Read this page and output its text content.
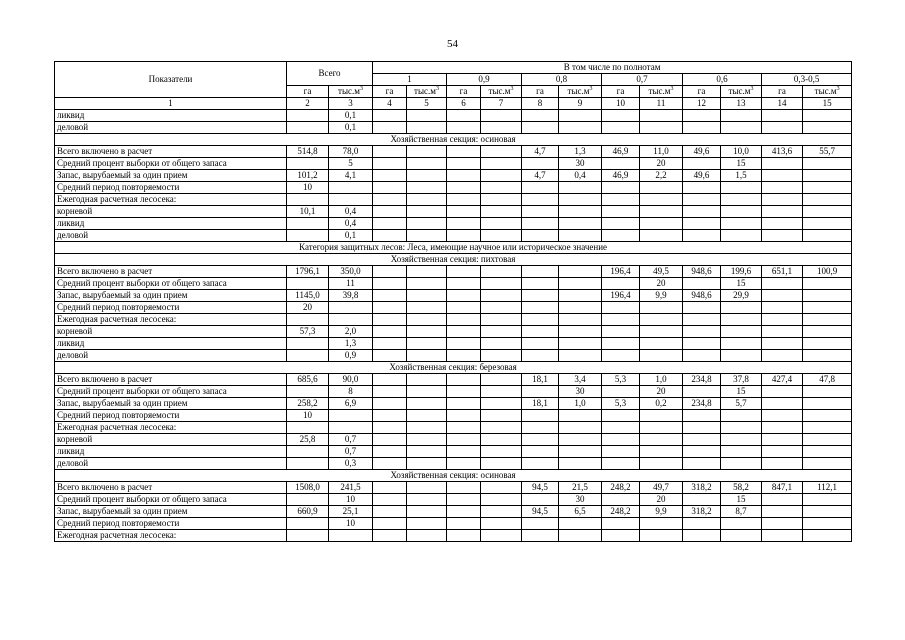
54
Показатели	Всего		В том числе по полнотам											
			1		0,9		0,8		0,7		0,6		0,3-0,5	
	га	$тыс.м^3$	га	$тыс.м^3$	га	$тыс.м^3$	га	$тыс.м^3$	га	$тыс.м^3$	га	$тыс.м^3$	га	$тыс.м^3$
1	2	3	4	5	6	7	8	9	10	11	12	13	14	15
ликвид		0,1												
деловой		0,1												
Хозяйственная секция: осиновая														
Всего включено в расчет	514,8	78,0					4,7	1,3	46,9	11,0	49,6	10,0	413,6	55,7
Средний процент выборки от общего запаса		5						30		20		15		
Запас, вырубаемый за один прием	101,2	4,1					4,7	0,4	46,9	2,2	49,6	1,5		
Средний период повторяемости	10													
Ежегодная расчетная лесосека:														
корневой	10,1	0,4												
ликвид		0,4												
деловой		0,1												
Категория защитных лесов: Леса, имеющие научное или историческое значение														
Хозяйственная секция: пихтовая														
Всего включено в расчет	1796,1	350,0							196,4	49,5	948,6	199,6	651,1	100,9
Средний процент выборки от общего запаса		11								20		15		
Запас, вырубаемый за один прием	1145,0	39,8							196,4	9,9	948,6	29,9		
Средний период повторяемости	20													
Ежегодная расчетная лесосека:														
корневой	57,3	2,0												
ликвид		1,3												
деловой		0,9												
Хозяйственная секция: березовая														
Всего включено в расчет	685,6	90,0					18,1	3,4	5,3	1,0	234,8	37,8	427,4	47,8
Средний процент выборки от общего запаса		8						30		20		15		
Запас, вырубаемый за один прием	258,2	6,9					18,1	1,0	5,3	0,2	234,8	5,7		
Средний период повторяемости	10													
Ежегодная расчетная лесосека:														
корневой	25,8	0,7												
ликвид		0,7												
деловой		0,3												
Хозяйственная секция: осиновая														
Всего включено в расчет	1508,0	241,5					94,5	21,5	248,2	49,7	318,2	58,2	847,1	112,1
Средний процент выборки от общего запаса		10						30		20		15		
Запас, вырубаемый за один прием	660,9	25,1					94,5	6,5	248,2	9,9	318,2	8,7		
Средний период повторяемости		10												
Ежегодная расчетная лесосека:														
